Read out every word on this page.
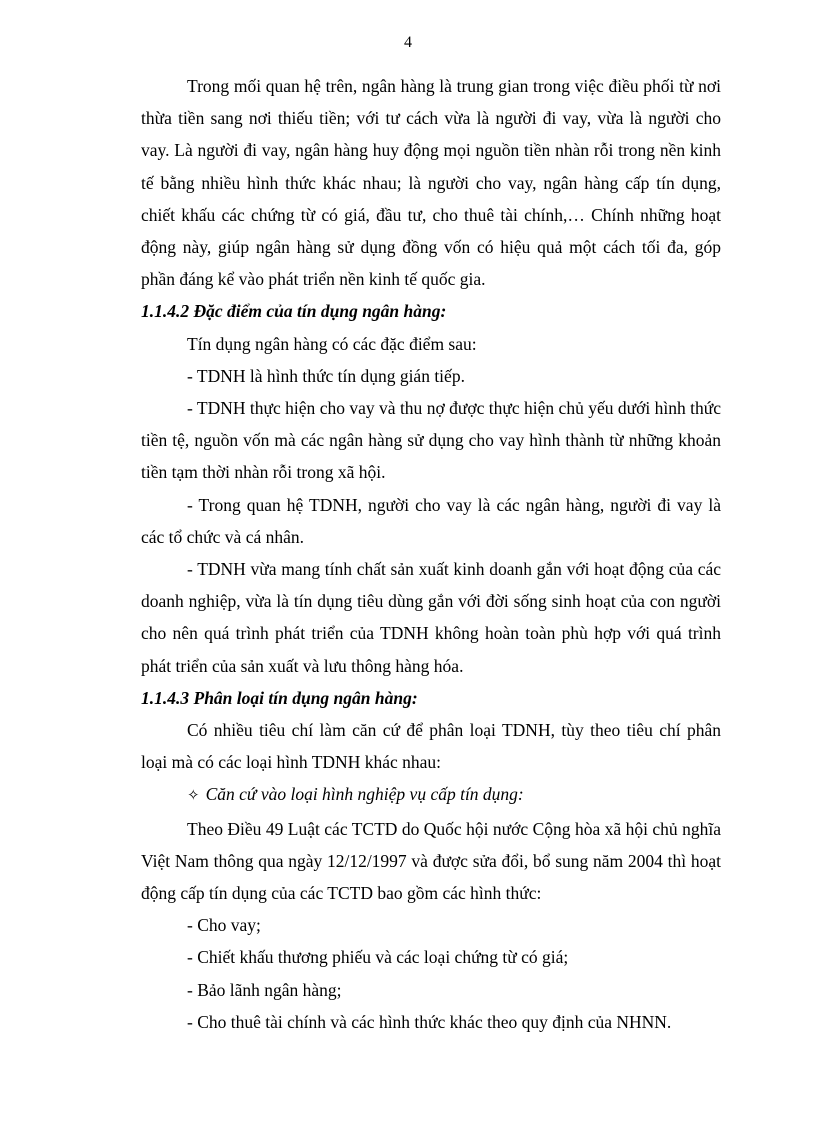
4

Trong mối quan hệ trên, ngân hàng là trung gian trong việc điều phối từ nơi thừa tiền sang nơi thiếu tiền; với tư cách vừa là người đi vay, vừa là người cho vay. Là người đi vay, ngân hàng huy động mọi nguồn tiền nhàn rỗi trong nền kinh tế bằng nhiều hình thức khác nhau; là người cho vay, ngân hàng cấp tín dụng, chiết khấu các chứng từ có giá, đầu tư, cho thuê tài chính,… Chính những hoạt động này, giúp ngân hàng sử dụng đồng vốn có hiệu quả một cách tối đa, góp phần đáng kể vào phát triển nền kinh tế quốc gia.

1.1.4.2 Đặc điểm của tín dụng ngân hàng:

Tín dụng ngân hàng có các đặc điểm sau:

- TDNH là hình thức tín dụng gián tiếp.

- TDNH thực hiện cho vay và thu nợ được thực hiện chủ yếu dưới hình thức tiền tệ, nguồn vốn mà các ngân hàng sử dụng cho vay hình thành từ những khoản tiền tạm thời nhàn rỗi trong xã hội.

- Trong quan hệ TDNH, người cho vay là các ngân hàng, người đi vay là các tổ chức và cá nhân.

- TDNH vừa mang tính chất sản xuất kinh doanh gắn với hoạt động của các doanh nghiệp, vừa là tín dụng tiêu dùng gắn với đời sống sinh hoạt của con người cho nên quá trình phát triển của TDNH không hoàn toàn phù hợp với quá trình phát triển của sản xuất và lưu thông hàng hóa.

1.1.4.3 Phân loại tín dụng ngân hàng:

Có nhiều tiêu chí làm căn cứ để phân loại TDNH, tùy theo tiêu chí phân loại mà có các loại hình TDNH khác nhau:

✧ Căn cứ vào loại hình nghiệp vụ cấp tín dụng:

Theo Điều 49 Luật các TCTD do Quốc hội nước Cộng hòa xã hội chủ nghĩa Việt Nam thông qua ngày 12/12/1997 và được sửa đổi, bổ sung năm 2004 thì hoạt động cấp tín dụng của các TCTD bao gồm các hình thức:

- Cho vay;

- Chiết khấu thương phiếu và các loại chứng từ có giá;

- Bảo lãnh ngân hàng;

- Cho thuê tài chính và các hình thức khác theo quy định của NHNN.
